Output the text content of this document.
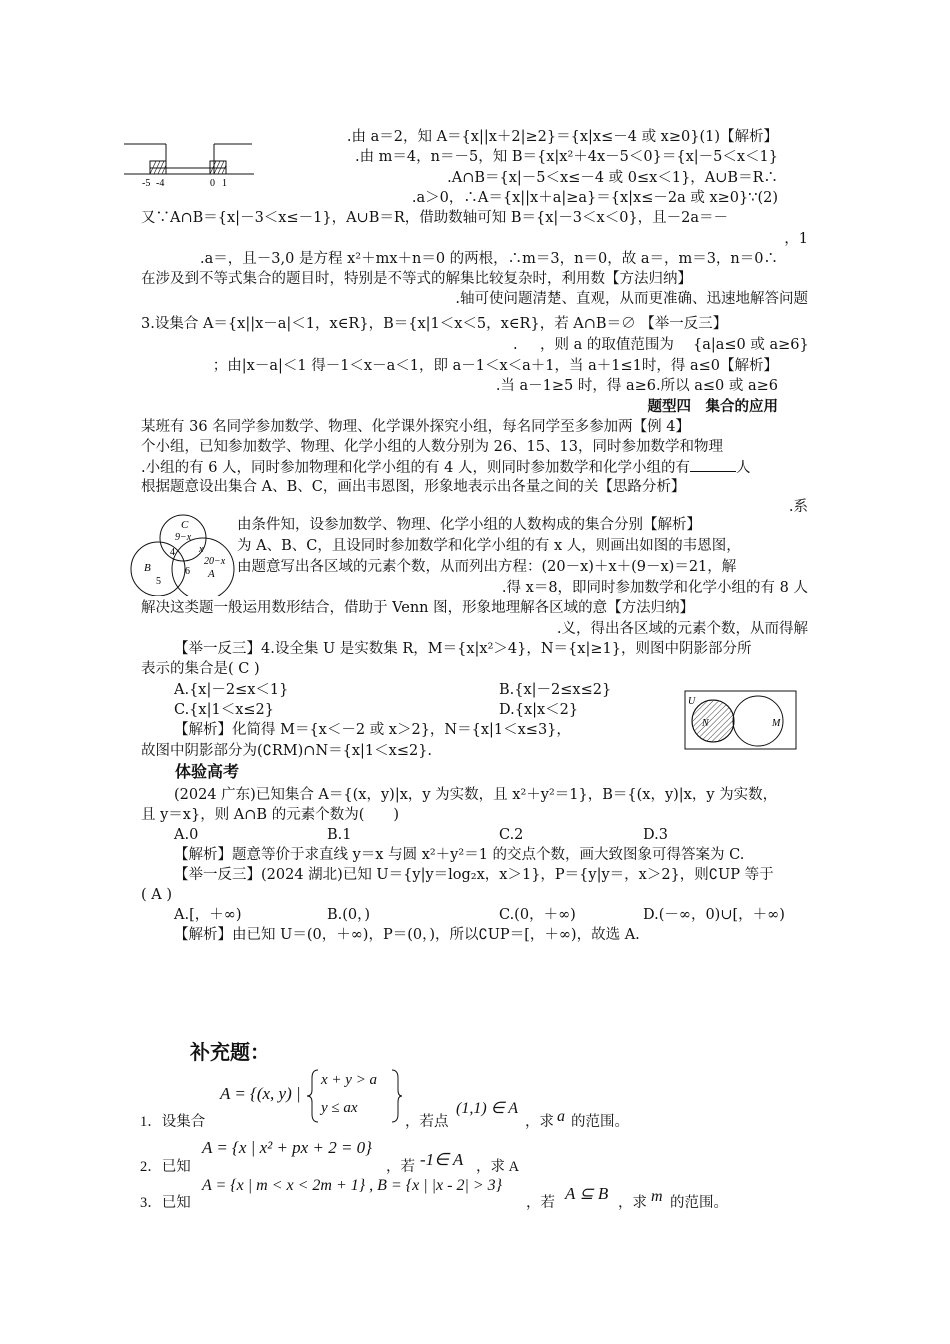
-5 -4	0 1
.由 a＝2，知 A＝{x||x＋2|≥2}＝{x|x≤－4 或 x≥0}(1)【解析】
.由 m＝4，n＝－5，知 B＝{x|x²＋4x－5＜0}＝{x|－5＜x＜1}
.A∩B＝{x|－5＜x≤－4 或 0≤x＜1}，A∪B＝R∴
.a＞0，∴A＝{x||x＋a|≥a}＝{x|x≤－2a 或 x≥0}∵(2)
又∵A∩B＝{x|－3＜x≤－1}，A∪B＝R，借助数轴可知 B＝{x|－3＜x＜0}，且－2a＝－
，1
.a＝，且－3,0 是方程 x²＋mx＋n＝0 的两根，∴m＝3，n＝0，故 a＝，m＝3，n＝0∴
在涉及到不等式集合的题目时，特别是不等式的解集比较复杂时，利用数【方法归纳】
.轴可使问题清楚、直观，从而更准确、迅速地解答问题
3.设集合 A＝{x||x－a|＜1，x∈R}，B＝{x|1＜x＜5，x∈R}，若 A∩B＝∅ 【举一反三】
. ，则 a 的取值范围为 {a|a≤0 或 a≥6}
；由|x－a|＜1 得－1＜x－a＜1，即 a－1＜x＜a＋1，当 a＋1≤1时，得 a≤0【解析】
.当 a－1≥5 时，得 a≥6.所以 a≤0 或 a≥6
题型四　集合的应用
某班有 36 名同学参加数学、物理、化学课外探究小组，每名同学至多参加两【例 4】
个小组，已知参加数学、物理、化学小组的人数分别为 26、15、13，同时参加数学和物理
.小组的有 6 人，同时参加物理和化学小组的有 4 人，则同时参加数学和化学小组的有	人
根据题意设出集合 A、B、C，画出韦恩图，形象地表示出各量之间的关【思路分析】
.系
C
9−x
4 x
B
5
6
20−x
A
由条件知，设参加数学、物理、化学小组的人数构成的集合分别【解析】
为 A、B、C，且设同时参加数学和化学小组的有 x 人，则画出如图的韦恩图，
由题意写出各区域的元素个数，从而列出方程：(20－x)＋x＋(9－x)＝21，解
.得 x＝8，即同时参加数学和化学小组的有 8 人
解决这类题一般运用数形结合，借助于 Venn 图，形象地理解各区域的意【方法归纳】
.义，得出各区域的元素个数，从而得解
【举一反三】4.设全集 U 是实数集 R，M＝{x|x²＞4}，N＝{x|≥1}，则图中阴影部分所
表示的集合是( C )
A.{x|－2≤x＜1}	B.{x|－2≤x≤2}
C.{x|1＜x≤2}	D.{x|x＜2}
【解析】化简得 M＝{x＜－2 或 x＞2}，N＝{x|1＜x≤3}，
故图中阴影部分为(∁RM)∩N＝{x|1＜x≤2}.
U
N	M
体验高考
(2024 广东)已知集合 A＝{(x，y)|x，y 为实数，且 x²＋y²＝1}，B＝{(x，y)|x，y 为实数，
且 y＝x}，则 A∩B 的元素个数为(　　)
A.0	B.1	C.2	D.3
【解析】题意等价于求直线 y＝x 与圆 x²＋y²＝1 的交点个数，画大致图象可得答案为 C.
【举一反三】(2024 湖北)已知 U＝{y|y＝log₂x，x＞1}，P＝{y|y＝，x＞2}，则∁UP 等于
( A )
A.[，＋∞)	B.(0，)	C.(0，＋∞)	D.(－∞，0)∪[，＋∞)
【解析】由已知 U＝(0，＋∞)，P＝(0，)，所以∁UP＝[，＋∞)，故选 A.
补充题：
1．设集合
A = {(x, y) |
x + y > a
y ≤ ax
，若点
(1,1) ∈ A
，求 a 的范围。
2．已知
A = {x | x² + px + 2 = 0}
，若 -1∈ A ，求 A
3．已知
A = {x | m < x < 2m + 1} , B = {x | |x - 2| > 3}
，若 A ⊆ B ，求 m 的范围。
